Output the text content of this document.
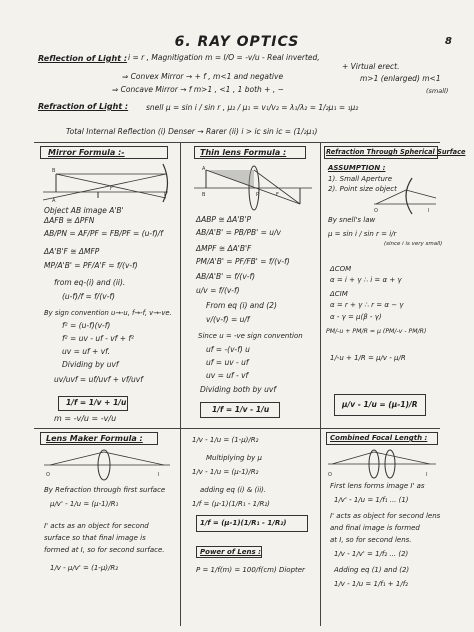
6. RAY OPTICS	8
Reflection of Light : i = r , Magnitigation m = I/O = -v/u - Real inverted,
+ Virtual erect.
⇒ Convex Mirror → + f , m<1 and negative	m>1 (enlarged) m<1
⇒ Concave Mirror → f m>1 , <1 , 1 both + , −	(small)
Refraction of Light : snell μ = sin i / sin r , μ₂ / μ₁ = v₁/v₂ = λ₁/λ₂ = 1/₂μ₁ = ₁μ₂
Total Internal Reflection (i) Denser → Rarer (ii) i > ic sin ic = (1/₂μ₁)
Mirror Formula :-
A
B
F
P
Object AB image A'B'
ΔAFB ≅ ΔPFN
AB/PN = AF/PF = FB/PF = (u-f)/f
ΔA'B'F ≅ ΔMFP
MP/A'B' = PF/A'F = f/(v-f)
from eq-(i) and (ii).
(u-f)/f = f/(v-f)
By sign convention u→-u, f→-f, v→-ve.
f² = (u-f)(v-f)
f² = uv - uf - vf + f²
uv = uf + vf.
Dividing by uvf
uv/uvf = uf/uvf + vf/uvf
1/f = 1/v + 1/u
m = -v/u = -v/u
Thin lens Formula :
B
A
P	F
ΔABP ≅ ΔA'B'P
AB/A'B' = PB/PB' = u/v
ΔMPF ≅ ΔA'B'F
PM/A'B' = PF/FB' = f/(v-f)
AB/A'B' = f/(v-f)
u/v = f/(v-f)
From eq (i) and (2)
v/(v-f) = u/f
Since u = -ve sign convention
uf = -(v-f) u
uf = uv - uf
uv = uf - vf
Dividing both by uvf
1/f = 1/v - 1/u
Refraction Through Spherical Surface
O	I
ASSUMPTION :
1). Small Aperture
2). Point size object
By snell's law
μ = sin i / sin r = i/r
(since i is very small)
ΔCOM
α = i + γ ∴ i = α + γ
ΔCIM
α = r + γ ∴ r = α − γ
α - γ = μ(β - γ)
PM/-u + PM/R = μ (PM/-v - PM/R)
1/-u + 1/R = μ/v - μ/R
μ/v - 1/u = (μ-1)/R
Lens Maker Formula :
O	I
By Refraction through first surface
μ/v' - 1/u = (μ-1)/R₁
I' acts as an object for second
surface so that final image is
formed at I, so for second surface.
1/v - μ/v' = (1-μ)/R₂
1/v - 1/u = (1-μ)/R₂
Multiplying by μ
1/v - 1/u = (μ-1)/R₂
adding eq (i) & (ii).
1/f = (μ-1)(1/R₁ - 1/R₂)
1/f = (μ-1)(1/R₁ - 1/R₂)
Power of Lens :
P = 1/f(m) = 100/f(cm) Diopter
Combined Focal Length :
O	I
First lens forms image I' as
1/v' - 1/u = 1/f₁ ... (1)
I' acts as object for second lens
and final image is formed
at I, so for second lens.
1/v - 1/v' = 1/f₂ ... (2)
Adding eq (1) and (2)
1/v - 1/u = 1/f₁ + 1/f₂
